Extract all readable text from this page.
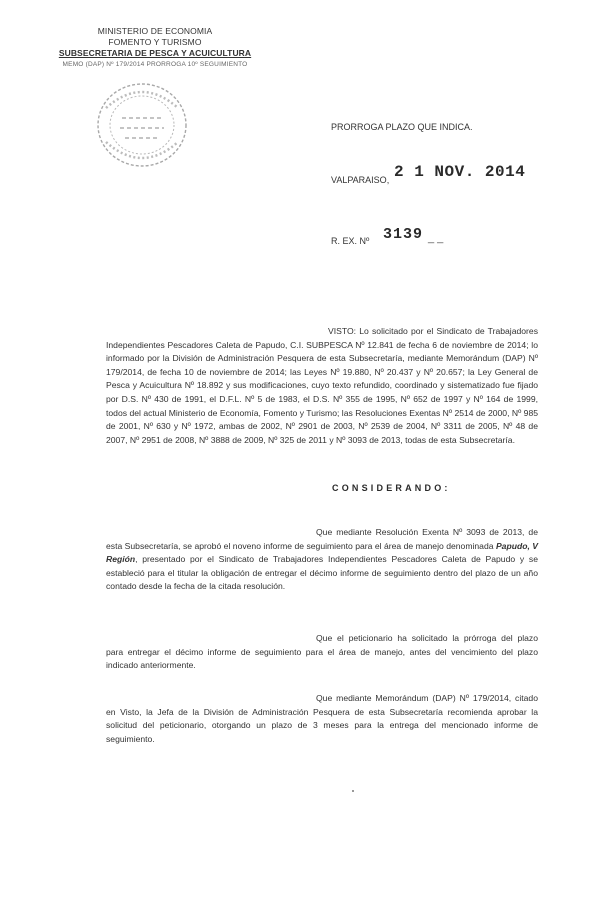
MINISTERIO DE ECONOMIA
FOMENTO Y TURISMO
SUBSECRETARIA DE PESCA Y ACUICULTURA
MEMO (DAP) Nº 179/2014 PRORROGA 10º SEGUIMIENTO
PRORROGA PLAZO QUE INDICA.
VALPARAISO, 2 1 NOV. 2014
R. EX. Nº 3139 _ _
VISTO: Lo solicitado por el Sindicato de Trabajadores Independientes Pescadores Caleta de Papudo, C.I. SUBPESCA Nº 12.841 de fecha 6 de noviembre de 2014; lo informado por la División de Administración Pesquera de esta Subsecretaría, mediante Memorándum (DAP) Nº 179/2014, de fecha 10 de noviembre de 2014; las Leyes Nº 19.880, Nº 20.437 y Nº 20.657; la Ley General de Pesca y Acuicultura Nº 18.892 y sus modificaciones, cuyo texto refundido, coordinado y sistematizado fue fijado por D.S. Nº 430 de 1991, el D.F.L. Nº 5 de 1983, el D.S. Nº 355 de 1995, Nº 652 de 1997 y Nº 164 de 1999, todos del actual Ministerio de Economía, Fomento y Turismo; las Resoluciones Exentas Nº 2514 de 2000, Nº 985 de 2001, Nº 630 y Nº 1972, ambas de 2002, Nº 2901 de 2003, Nº 2539 de 2004, Nº 3311 de 2005, Nº 48 de 2007, Nº 2951 de 2008, Nº 3888 de 2009, Nº 325 de 2011 y Nº 3093 de 2013, todas de esta Subsecretaría.
CONSIDERANDO:
Que mediante Resolución Exenta Nº 3093 de 2013, de esta Subsecretaría, se aprobó el noveno informe de seguimiento para el área de manejo denominada Papudo, V Región, presentado por el Sindicato de Trabajadores Independientes Pescadores Caleta de Papudo y se estableció para el titular la obligación de entregar el décimo informe de seguimiento dentro del plazo de un año contado desde la fecha de la citada resolución.
Que el peticionario ha solicitado la prórroga del plazo para entregar el décimo informe de seguimiento para el área de manejo, antes del vencimiento del plazo indicado anteriormente.
Que mediante Memorándum (DAP) Nº 179/2014, citado en Visto, la Jefa de la División de Administración Pesquera de esta Subsecretaría recomienda aprobar la solicitud del peticionario, otorgando un plazo de 3 meses para la entrega del mencionado informe de seguimiento.
